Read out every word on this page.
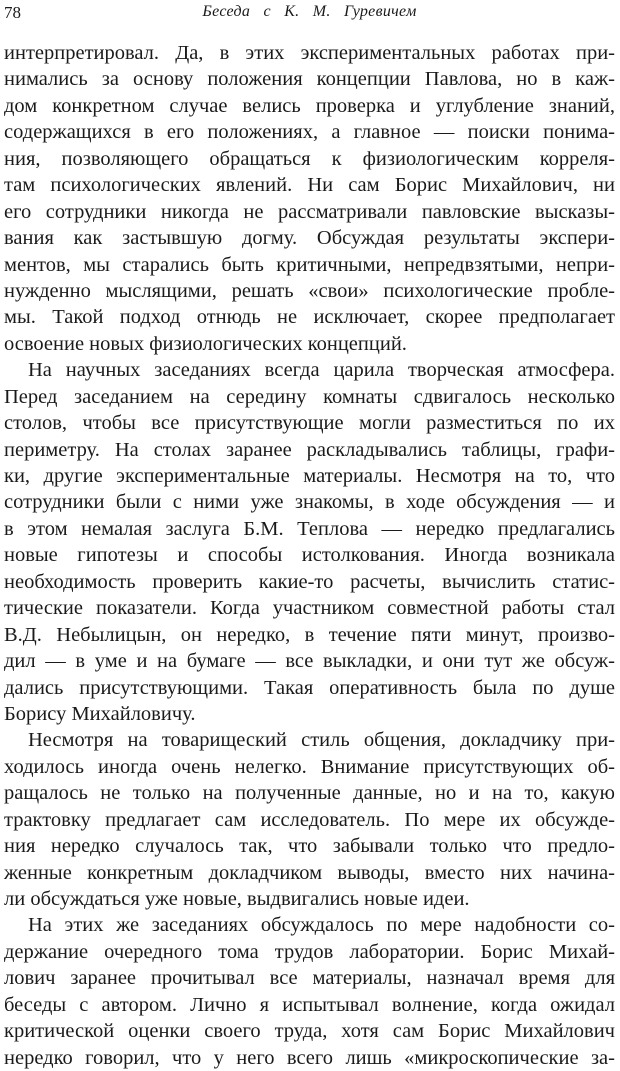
78	Беседа с К. М. Гуревичем

интерпретировал. Да, в этих экспериментальных работах при-
нимались за основу положения концепции Павлова, но в каж-
дом конкретном случае велись проверка и углубление знаний,
содержащихся в его положениях, а главное — поиски понима-
ния, позволяющего обращаться к физиологическим корреля-
там психологических явлений. Ни сам Борис Михайлович, ни
его сотрудники никогда не рассматривали павловские высказы-
вания как застывшую догму. Обсуждая результаты экспери-
ментов, мы старались быть критичными, непредвзятыми, непри-
нужденно мыслящими, решать «свои» психологические пробле-
мы. Такой подход отнюдь не исключает, скорее предполагает
освоение новых физиологических концепций.

На научных заседаниях всегда царила творческая атмосфера.
Перед заседанием на середину комнаты сдвигалось несколько
столов, чтобы все присутствующие могли разместиться по их
периметру. На столах заранее раскладывались таблицы, графи-
ки, другие экспериментальные материалы. Несмотря на то, что
сотрудники были с ними уже знакомы, в ходе обсуждения — и
в этом немалая заслуга Б.М. Теплова — нередко предлагались
новые гипотезы и способы истолкования. Иногда возникала
необходимость проверить какие-то расчеты, вычислить статис-
тические показатели. Когда участником совместной работы стал
В.Д. Небылицын, он нередко, в течение пяти минут, произво-
дил — в уме и на бумаге — все выкладки, и они тут же обсуж-
дались присутствующими. Такая оперативность была по душе
Борису Михайловичу.

Несмотря на товарищеский стиль общения, докладчику при-
ходилось иногда очень нелегко. Внимание присутствующих об-
ращалось не только на полученные данные, но и на то, какую
трактовку предлагает сам исследователь. По мере их обсужде-
ния нередко случалось так, что забывали только что предло-
женные конкретным докладчиком выводы, вместо них начина-
ли обсуждаться уже новые, выдвигались новые идеи.

На этих же заседаниях обсуждалось по мере надобности со-
держание очередного тома трудов лаборатории. Борис Михай-
лович заранее прочитывал все материалы, назначал время для
беседы с автором. Лично я испытывал волнение, когда ожидал
критической оценки своего труда, хотя сам Борис Михайлович
нередко говорил, что у него всего лишь «микроскопические за-
